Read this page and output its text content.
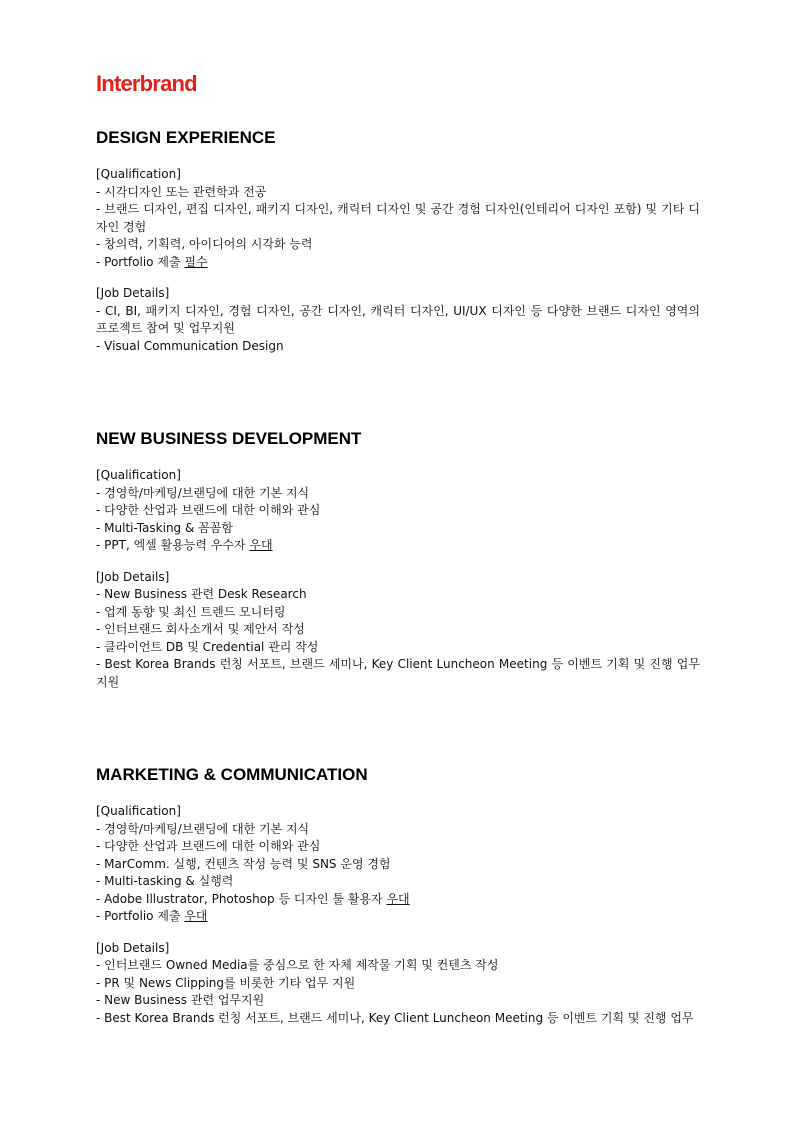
Interbrand
DESIGN EXPERIENCE
[Qualification]
- 시각디자인 또는 관련학과 전공
- 브랜드 디자인, 편집 디자인, 패키지 디자인, 캐릭터 디자인 및 공간 경험 디자인(인테리어 디자인 포함) 및 기타 디자인 경험
- 창의력, 기획력, 아이디어의 시각화 능력
- Portfolio 제출 필수
[Job Details]
- CI, BI, 패키지 디자인, 경험 디자인, 공간 디자인, 캐릭터 디자인, UI/UX 디자인 등 다양한 브랜드 디자인 영역의 프로젝트 참여 및 업무지원
- Visual Communication Design
NEW BUSINESS DEVELOPMENT
[Qualification]
- 경영학/마케팅/브랜딩에 대한 기본 지식
- 다양한 산업과 브랜드에 대한 이해와 관심
- Multi-Tasking & 꼼꼼함
- PPT, 엑셀 활용능력 우수자 우대
[Job Details]
- New Business 관련 Desk Research
- 업계 동향 및 최신 트렌드 모니터링
- 인터브랜드 회사소개서 및 제안서 작성
- 클라이언트 DB 및 Credential 관리 작성
- Best Korea Brands 런칭 서포트, 브랜드 세미나, Key Client Luncheon Meeting 등 이벤트 기획 및 진행 업무 지원
MARKETING & COMMUNICATION
[Qualification]
- 경영학/마케팅/브랜딩에 대한 기본 지식
- 다양한 산업과 브랜드에 대한 이해와 관심
- MarComm. 실행, 컨텐츠 작성 능력 및 SNS 운영 경험
- Multi-tasking & 실행력
- Adobe Illustrator, Photoshop 등 디자인 툴 활용자 우대
- Portfolio 제출 우대
[Job Details]
- 인터브랜드 Owned Media를 중심으로 한 자체 제작물 기획 및 컨텐츠 작성
- PR 및 News Clipping를 비롯한 기타 업무 지원
- New Business 관련 업무지원
- Best Korea Brands 런칭 서포트, 브랜드 세미나, Key Client Luncheon Meeting 등 이벤트 기획 및 진행 업무
